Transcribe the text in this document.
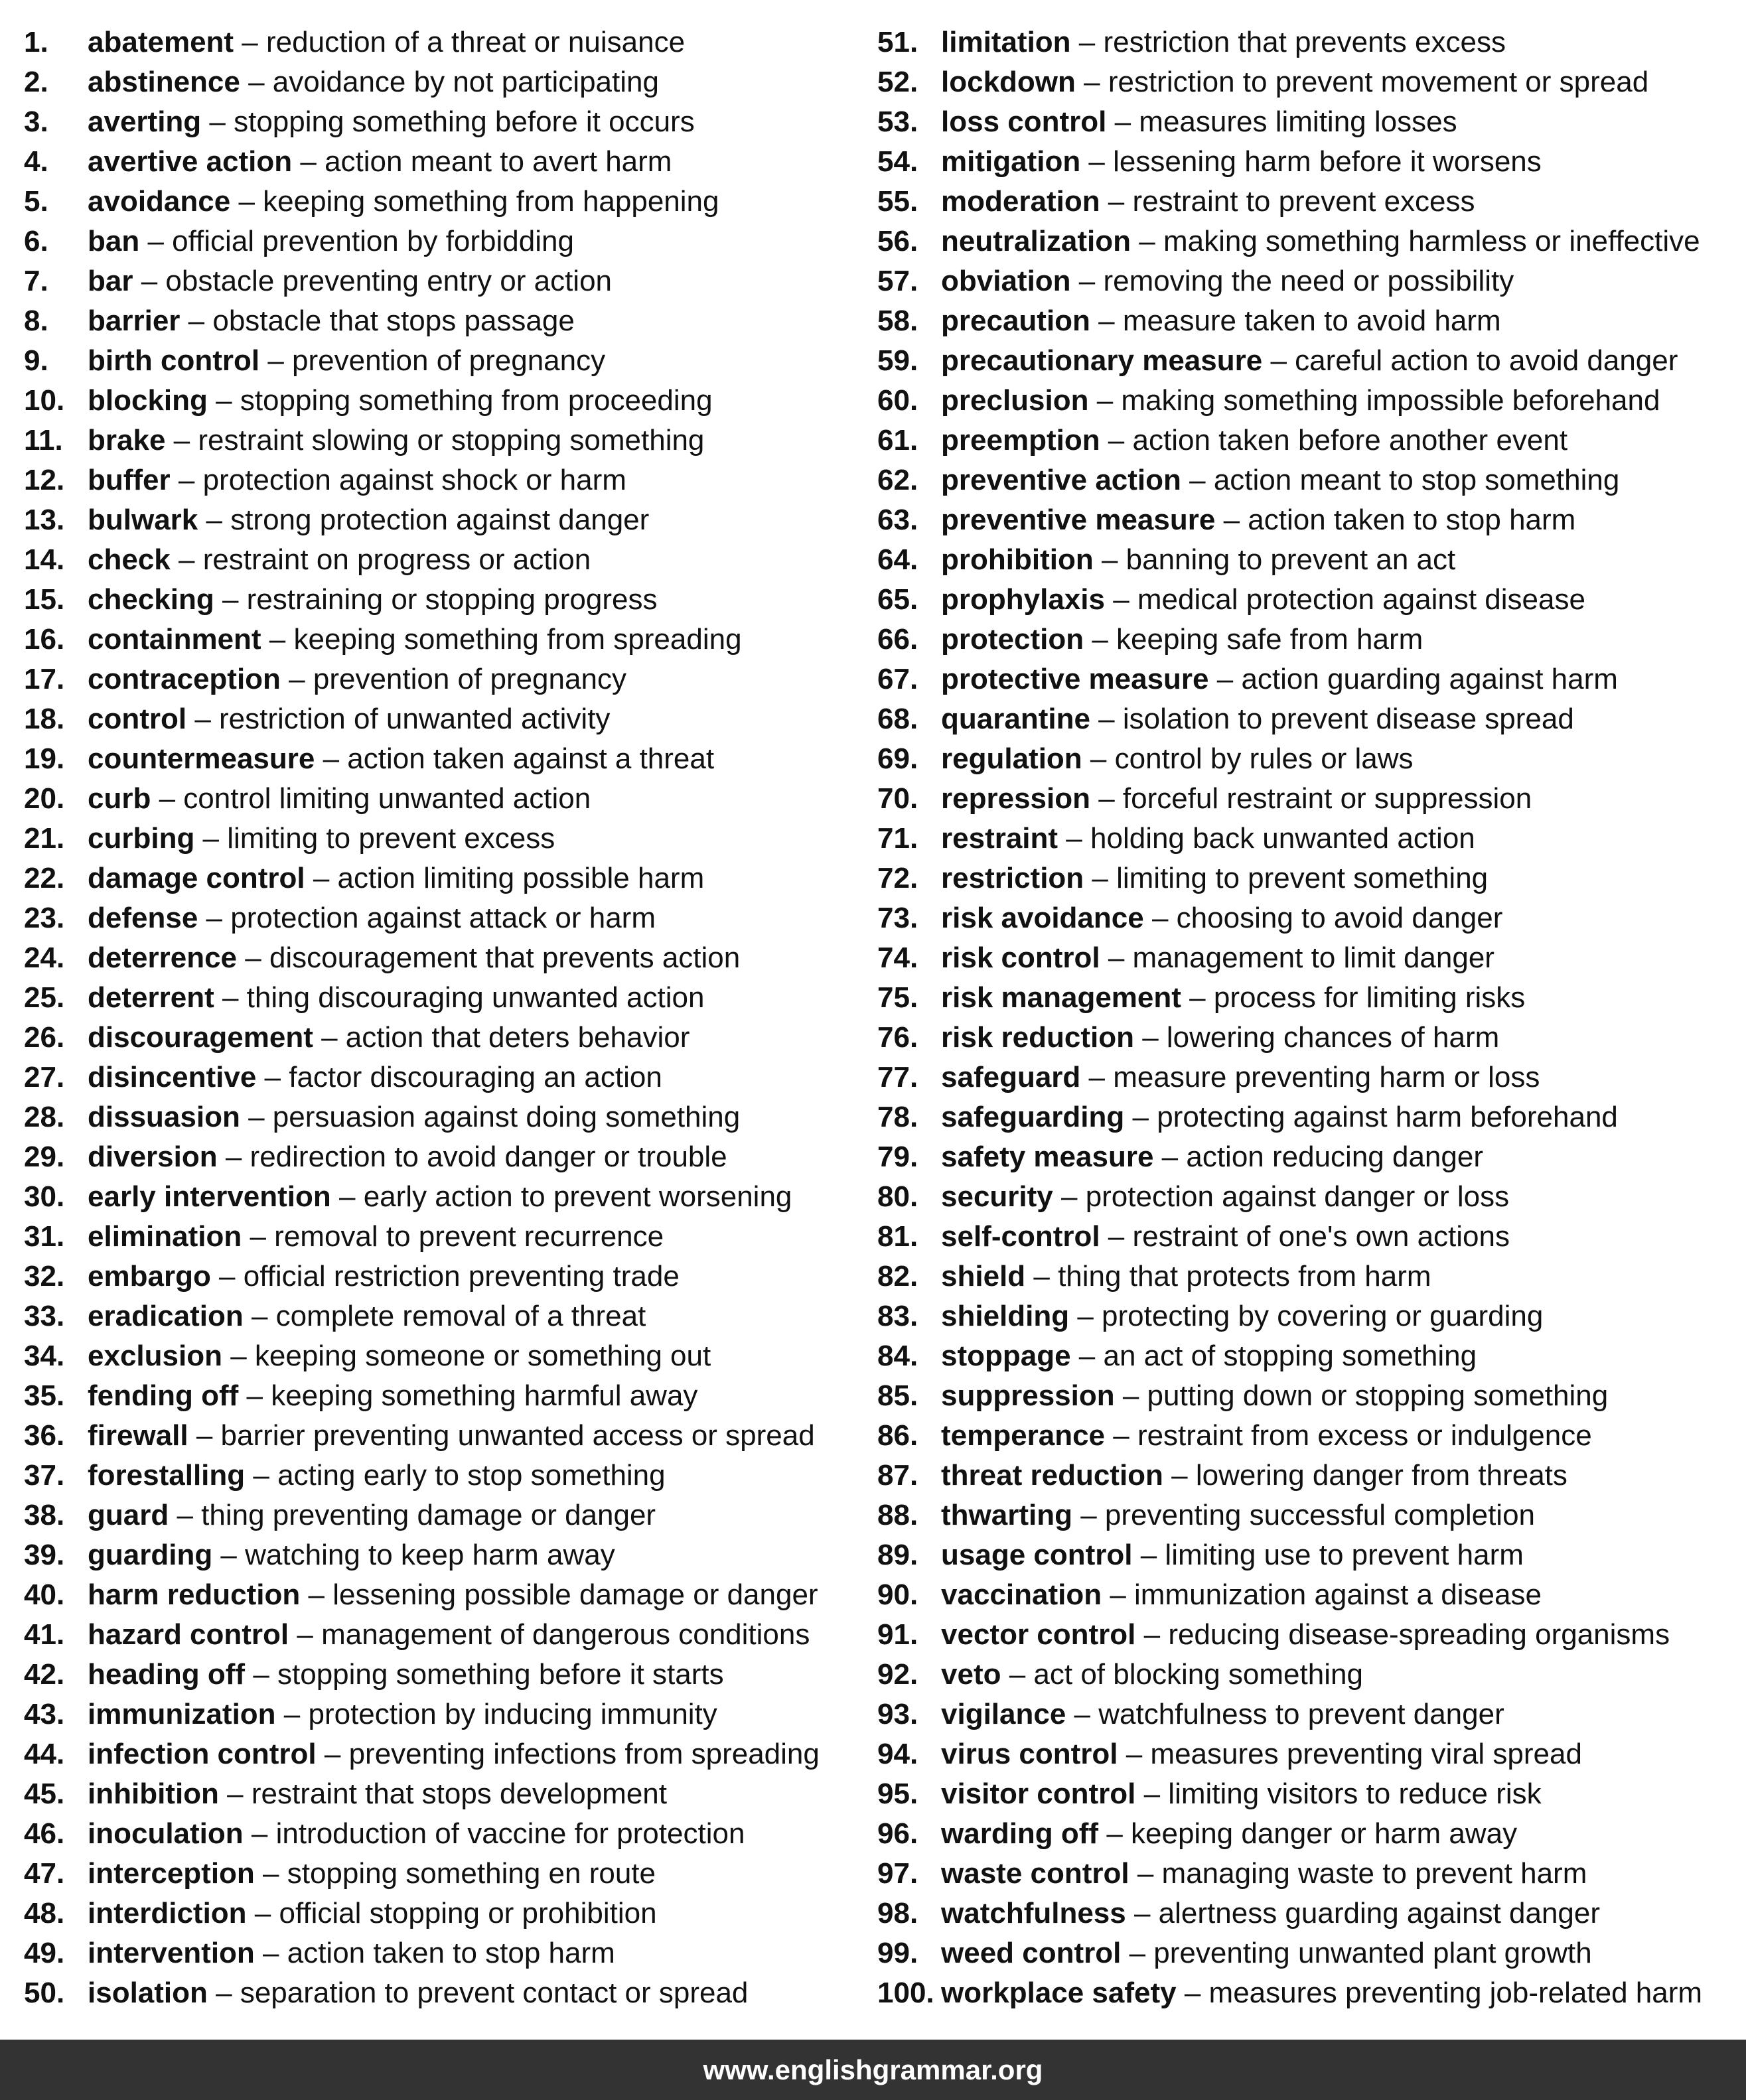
1.	abatement – reduction of a threat or nuisance
2.	abstinence – avoidance by not participating
3.	averting – stopping something before it occurs
4.	avertive action – action meant to avert harm
5.	avoidance – keeping something from happening
6.	ban – official prevention by forbidding
7.	bar – obstacle preventing entry or action
8.	barrier – obstacle that stops passage
9.	birth control – prevention of pregnancy
10. blocking – stopping something from proceeding
11. brake – restraint slowing or stopping something
12. buffer – protection against shock or harm
13. bulwark – strong protection against danger
14. check – restraint on progress or action
15. checking – restraining or stopping progress
16. containment – keeping something from spreading
17. contraception – prevention of pregnancy
18. control – restriction of unwanted activity
19. countermeasure – action taken against a threat
20. curb – control limiting unwanted action
21. curbing – limiting to prevent excess
22. damage control – action limiting possible harm
23. defense – protection against attack or harm
24. deterrence – discouragement that prevents action
25. deterrent – thing discouraging unwanted action
26. discouragement – action that deters behavior
27. disincentive – factor discouraging an action
28. dissuasion – persuasion against doing something
29. diversion – redirection to avoid danger or trouble
30. early intervention – early action to prevent worsening
31. elimination – removal to prevent recurrence
32. embargo – official restriction preventing trade
33. eradication – complete removal of a threat
34. exclusion – keeping someone or something out
35. fending off – keeping something harmful away
36. firewall – barrier preventing unwanted access or spread
37. forestalling – acting early to stop something
38. guard – thing preventing damage or danger
39. guarding – watching to keep harm away
40. harm reduction – lessening possible damage or danger
41. hazard control – management of dangerous conditions
42. heading off – stopping something before it starts
43. immunization – protection by inducing immunity
44. infection control – preventing infections from spreading
45. inhibition – restraint that stops development
46. inoculation – introduction of vaccine for protection
47. interception – stopping something en route
48. interdiction – official stopping or prohibition
49. intervention – action taken to stop harm
50. isolation – separation to prevent contact or spread
51. limitation – restriction that prevents excess
52. lockdown – restriction to prevent movement or spread
53. loss control – measures limiting losses
54. mitigation – lessening harm before it worsens
55. moderation – restraint to prevent excess
56. neutralization – making something harmless or ineffective
57. obviation – removing the need or possibility
58. precaution – measure taken to avoid harm
59. precautionary measure – careful action to avoid danger
60. preclusion – making something impossible beforehand
61. preemption – action taken before another event
62. preventive action – action meant to stop something
63. preventive measure – action taken to stop harm
64. prohibition – banning to prevent an act
65. prophylaxis – medical protection against disease
66. protection – keeping safe from harm
67. protective measure – action guarding against harm
68. quarantine – isolation to prevent disease spread
69. regulation – control by rules or laws
70. repression – forceful restraint or suppression
71. restraint – holding back unwanted action
72. restriction – limiting to prevent something
73. risk avoidance – choosing to avoid danger
74. risk control – management to limit danger
75. risk management – process for limiting risks
76. risk reduction – lowering chances of harm
77. safeguard – measure preventing harm or loss
78. safeguarding – protecting against harm beforehand
79. safety measure – action reducing danger
80. security – protection against danger or loss
81. self-control – restraint of one's own actions
82. shield – thing that protects from harm
83. shielding – protecting by covering or guarding
84. stoppage – an act of stopping something
85. suppression – putting down or stopping something
86. temperance – restraint from excess or indulgence
87. threat reduction – lowering danger from threats
88. thwarting – preventing successful completion
89. usage control – limiting use to prevent harm
90. vaccination – immunization against a disease
91. vector control – reducing disease-spreading organisms
92. veto – act of blocking something
93. vigilance – watchfulness to prevent danger
94. virus control – measures preventing viral spread
95. visitor control – limiting visitors to reduce risk
96. warding off – keeping danger or harm away
97. waste control – managing waste to prevent harm
98. watchfulness – alertness guarding against danger
99. weed control – preventing unwanted plant growth
100. workplace safety – measures preventing job-related harm
www.englishgrammar.org
